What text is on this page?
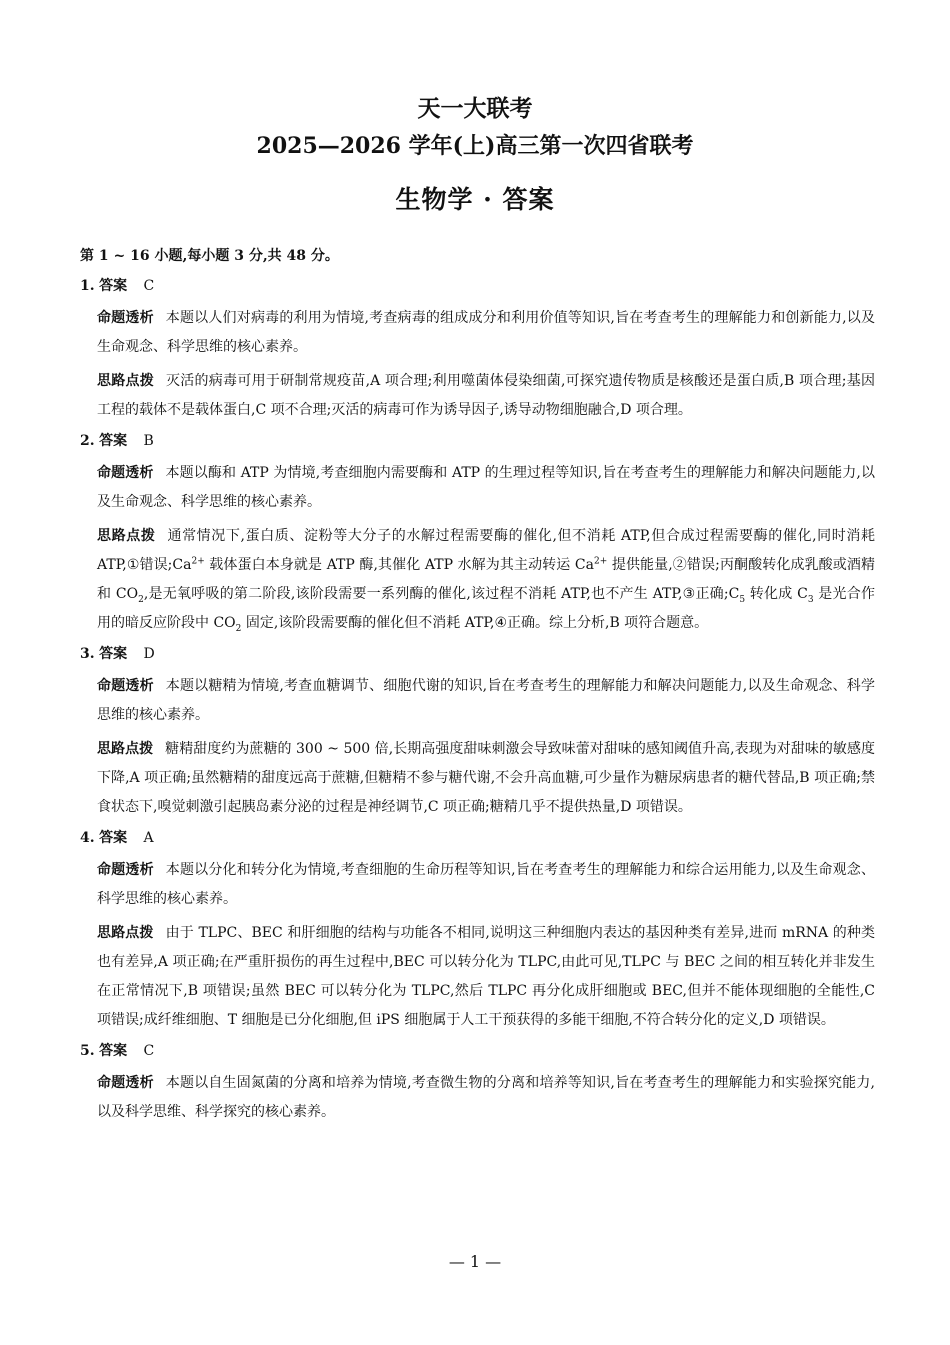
天一大联考
2025—2026 学年(上)高三第一次四省联考
生物学 · 答案
第 1 ~ 16 小题,每小题 3 分,共 48 分。
1. 答案 C
命题透析 本题以人们对病毒的利用为情境,考查病毒的组成成分和利用价值等知识,旨在考查考生的理解能力和创新能力,以及生命观念、科学思维的核心素养。
思路点拨 灭活的病毒可用于研制常规疫苗,A 项合理;利用噬菌体侵染细菌,可探究遗传物质是核酸还是蛋白质,B 项合理;基因工程的载体不是载体蛋白,C 项不合理;灭活的病毒可作为诱导因子,诱导动物细胞融合,D 项合理。
2. 答案 B
命题透析 本题以酶和 ATP 为情境,考查细胞内需要酶和 ATP 的生理过程等知识,旨在考查考生的理解能力和解决问题能力,以及生命观念、科学思维的核心素养。
思路点拨 通常情况下,蛋白质、淀粉等大分子的水解过程需要酶的催化,但不消耗 ATP,但合成过程需要酶的催化,同时消耗 ATP,①错误$;Ca^{2+}$ 载体蛋白本身就是 ATP 酶,其催化 ATP 水解为其主动转运 $Ca^{2+}$ 提供能量,②错误;丙酮酸转化成乳酸或酒精和 $CO_2$,是无氧呼吸的第二阶段,该阶段需要一系列酶的催化,该过程不消耗 ATP,也不产生 ATP,③正确$;C_5$ 转化成 $C_3$ 是光合作用的暗反应阶段中 $CO_2$ 固定,该阶段需要酶的催化但不消耗 ATP,④正确。综上分析,B 项符合题意。
3. 答案 D
命题透析 本题以糖精为情境,考查血糖调节、细胞代谢的知识,旨在考查考生的理解能力和解决问题能力,以及生命观念、科学思维的核心素养。
思路点拨 糖精甜度约为蔗糖的 300 ~ 500 倍,长期高强度甜味刺激会导致味蕾对甜味的感知阈值升高,表现为对甜味的敏感度下降,A 项正确;虽然糖精的甜度远高于蔗糖,但糖精不参与糖代谢,不会升高血糖,可少量作为糖尿病患者的糖代替品,B 项正确;禁食状态下,嗅觉刺激引起胰岛素分泌的过程是神经调节,C 项正确;糖精几乎不提供热量,D 项错误。
4. 答案 A
命题透析 本题以分化和转分化为情境,考查细胞的生命历程等知识,旨在考查考生的理解能力和综合运用能力,以及生命观念、科学思维的核心素养。
思路点拨 由于 TLPC、BEC 和肝细胞的结构与功能各不相同,说明这三种细胞内表达的基因种类有差异,进而 mRNA 的种类也有差异,A 项正确;在严重肝损伤的再生过程中,BEC 可以转分化为 TLPC,由此可见,TLPC 与 BEC 之间的相互转化并非发生在正常情况下,B 项错误;虽然 BEC 可以转分化为 TLPC,然后 TLPC 再分化成肝细胞或 BEC,但并不能体现细胞的全能性,C 项错误;成纤维细胞、T 细胞是已分化细胞,但 iPS 细胞属于人工干预获得的多能干细胞,不符合转分化的定义,D 项错误。
5. 答案 C
命题透析 本题以自生固氮菌的分离和培养为情境,考查微生物的分离和培养等知识,旨在考查考生的理解能力和实验探究能力,以及科学思维、科学探究的核心素养。
— 1 —
